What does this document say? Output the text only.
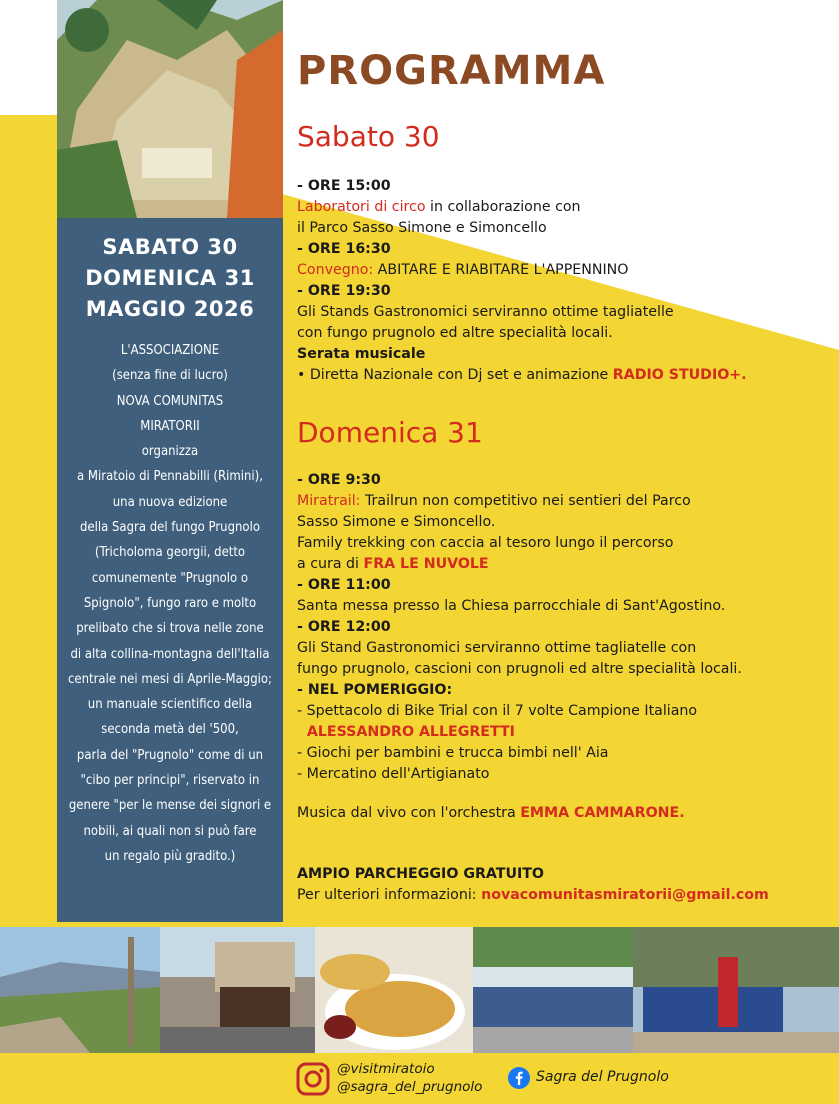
SABATO 30
DOMENICA 31
MAGGIO 2026
L'ASSOCIAZIONE
(senza fine di lucro)
NOVA COMUNITAS
MIRATORII
organizza
a Miratoio di Pennabilli (Rimini),
una nuova edizione
della Sagra del fungo Prugnolo
(Tricholoma georgii, detto
comunemente "Prugnolo o
Spignolo", fungo raro e molto
prelibato che si trova nelle zone
di alta collina-montagna dell'Italia
centrale nei mesi di Aprile-Maggio;
un manuale scientifico della
seconda metà del '500,
parla del "Prugnolo" come di un
"cibo per principi", riservato in
genere "per le mense dei signori e
nobili, ai quali non si può fare
un regalo più gradito.)
PROGRAMMA
Sabato 30
- ORE 15:00
Laboratori di circo in collaborazione con
il Parco Sasso Simone e Simoncello
- ORE 16:30
Convegno: ABITARE E RIABITARE L'APPENNINO
- ORE 19:30
Gli Stands Gastronomici serviranno ottime tagliatelle
con fungo prugnolo ed altre specialità locali.
Serata musicale
• Diretta Nazionale con Dj set e animazione RADIO STUDIO+.
Domenica 31
- ORE 9:30
Miratrail: Trailrun non competitivo nei sentieri del Parco
Sasso Simone e Simoncello.
Family trekking con caccia al tesoro lungo il percorso
a cura di FRA LE NUVOLE
- ORE 11:00
Santa messa presso la Chiesa parrocchiale di Sant'Agostino.
- ORE 12:00
Gli Stand Gastronomici serviranno ottime tagliatelle con
fungo prugnolo, cascioni con prugnoli ed altre specialità locali.
- NEL POMERIGGIO:
- Spettacolo di Bike Trial con il 7 volte Campione Italiano
ALESSANDRO ALLEGRETTI
- Giochi per bambini e trucca bimbi nell' Aia
- Mercatino dell'Artigianato
Musica dal vivo con l'orchestra EMMA CAMMARONE.
AMPIO PARCHEGGIO GRATUITO
Per ulteriori informazioni: novacomunitasmiratorii@gmail.com
@visitmiratoio
@sagra_del_prugnolo
Sagra del Prugnolo
